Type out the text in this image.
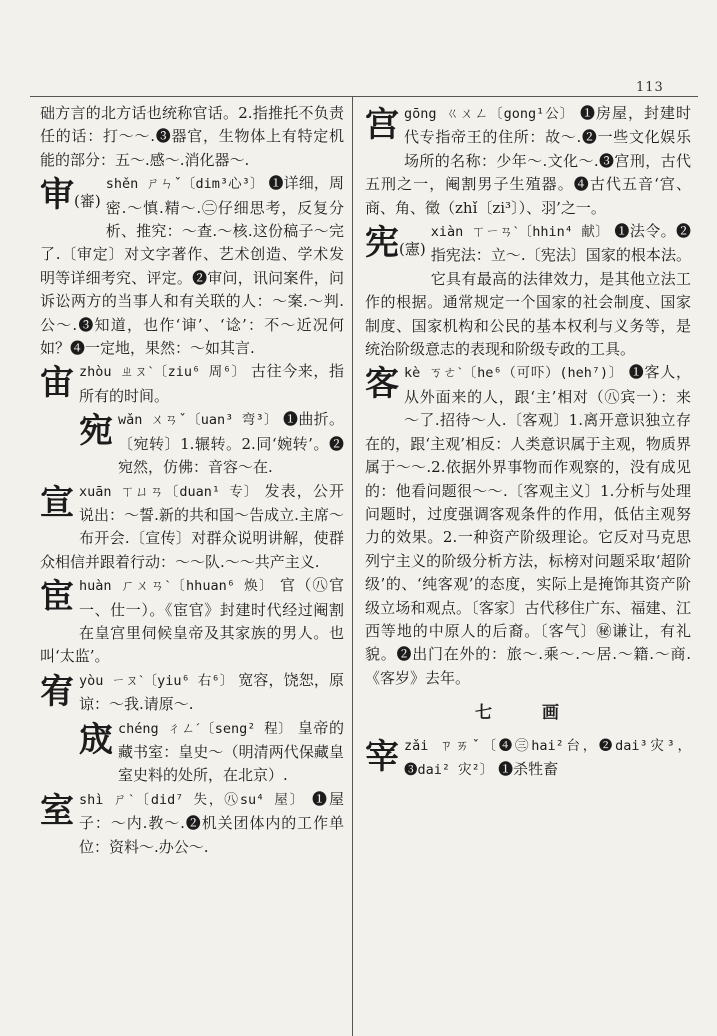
113

础方言的北方话也统称官话。2.指推托不负责任的话：打～～.❸器官，生物体上有特定机能的部分：五～.感～.消化器～.

审(審)
shěn ㄕㄣˇ〔dim³心³〕 ❶详细，周密.～慎.精～.㊁仔细思考，反复分析、推究：～查.～核.这份稿子～完了.〔审定〕对文字著作、艺术创造、学术发明等详细考究、评定。❷审问，讯问案件，问诉讼两方的当事人和有关联的人：～案.～判.公～.❸知道，也作‘谉’、‘谂’：不～近况何如？❹一定地，果然：～如其言.

宙zhòu ㄓㄡˋ〔ziu⁶ 周⁶〕 古往今来，指所有的时间。

宛wǎn ㄨㄢˇ〔uan³ 弯³〕 ❶曲折。〔宛转〕1.辗转。2.同‘婉转’。❷宛然，仿佛：音容～在.

宣xuān ㄒㄩㄢ〔duan¹ 专〕 发表，公开说出：～誓.新的共和国～告成立.主席～布开会.〔宣传〕对群众说明讲解，使群众相信并跟着行动：～～队.～～共产主义.

宦huàn ㄏㄨㄢˋ〔hhuan⁶ 焕〕 官（㊇官一、仕一）。《宦官》封建时代经过阉割在皇宫里伺候皇帝及其家族的男人。也叫‘太监’。

宥yòu ㄧㄡˋ〔yiu⁶ 右⁶〕 宽容，饶恕，原谅：～我.请原～.

宬chéng ㄔㄥˊ〔seng² 程〕 皇帝的藏书室：皇史～（明清两代保藏皇室史料的处所，在北京）.

室shì ㄕˋ〔did⁷ 失，㊇su⁴ 屋〕 ❶屋子：～内.教～.❷机关团体内的工作单位：资料～.办公～.

宫gōng ㄍㄨㄥ〔gong¹公〕 ❶房屋，封建时代专指帝王的住所：故～.❷一些文化娱乐场所的名称：少年～.文化～.❸宫刑，古代五刑之一，阉割男子生殖器。❹古代五音‘宫、商、角、徵（zhǐ〔zi³〕）、羽’之一。

宪(憲)
xiàn ㄒㄧㄢˋ〔hhin⁴ 献〕 ❶法令。❷指宪法：立～.〔宪法〕国家的根本法。它具有最高的法律效力，是其他立法工作的根据。通常规定一个国家的社会制度、国家制度、国家机构和公民的基本权利与义务等，是统治阶级意志的表现和阶级专政的工具。

客kè ㄎㄜˋ〔he⁶（可吓）(heh⁷)〕 ❶客人，从外面来的人，跟‘主’相对（㊇宾一）：来～了.招待～人.〔客观〕1.离开意识独立存在的，跟‘主观’相反：人类意识属于主观，物质界属于～～.2.依据外界事物而作观察的，没有成见的：他看问题很～～.〔客观主义〕1.分析与处理问题时，过度强调客观条件的作用，低估主观努力的效果。2.一种资产阶级理论。它反对马克思列宁主义的阶级分析方法，标榜对问题采取‘超阶级’的、‘纯客观’的态度，实际上是掩饰其资产阶级立场和观点。〔客家〕古代移住广东、福建、江西等地的中原人的后裔。〔客气〕㊙谦让，有礼貌。❷出门在外的：旅～.乘～.～居.～籍.～商.《客岁》去年。

七 画

宰zǎi ㄗㄞˇ〔❹㊂hai²台，❷dai³灾³，❸dai² 灾²〕 ❶杀牲畜
